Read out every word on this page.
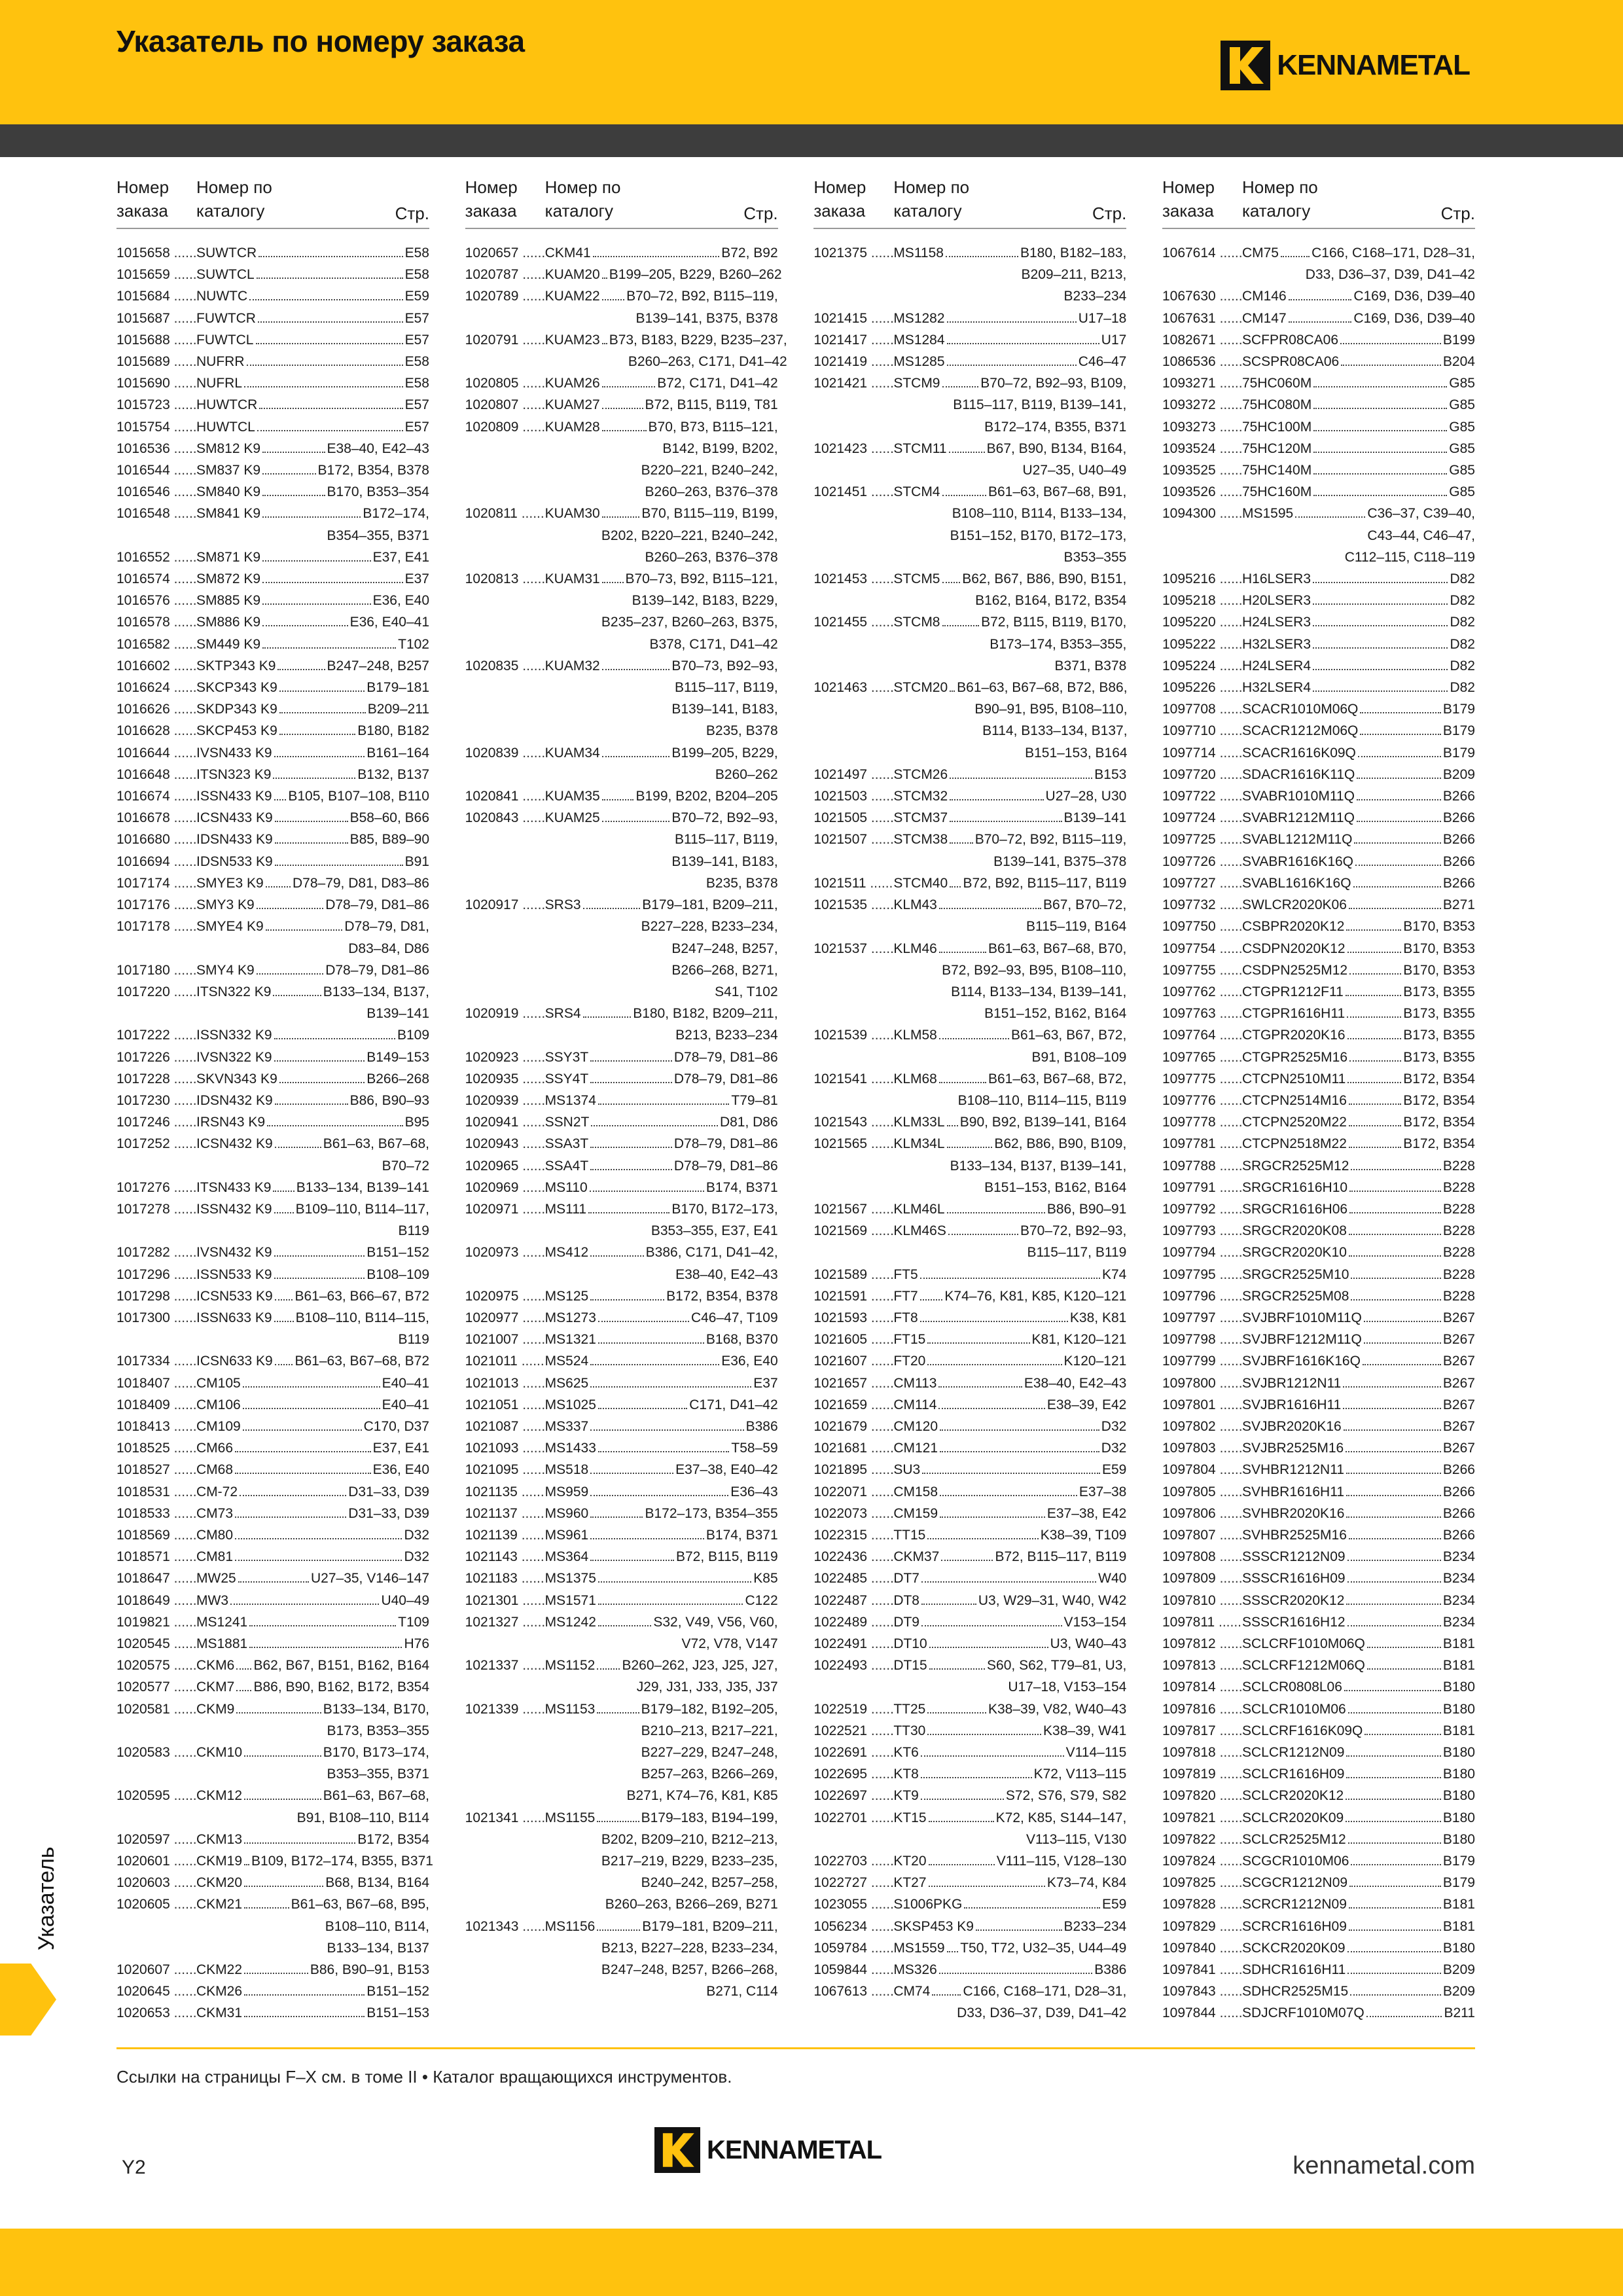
Указатель по номеру заказа
KENNAMETAL
Номер
заказа
Номер по
каталогу	Стр.
1015658 .....	SUWTCR	E58
1015659 .....	SUWTCL	E58
1015684 .....	NUWTC	E59
1015687 .....	FUWTCR	E57
1015688 .....	FUWTCL	E57
1015689 .....	NUFRR	E58
1015690 .....	NUFRL	E58
1015723 .....	HUWTCR	E57
1015754 .....	HUWTCL	E57
1016536 .....	SM812 K9	E38–40, E42–43
1016544 .....	SM837 K9	B172, B354, B378
1016546 .....	SM840 K9	B170, B353–354
1016548 .....	SM841 K9	B172–174,
B354–355, B371
1016552 .....	SM871 K9	E37, E41
1016574 .....	SM872 K9	E37
1016576 .....	SM885 K9	E36, E40
1016578 .....	SM886 K9	E36, E40–41
1016582 .....	SM449 K9	T102
1016602 .....	SKTP343 K9	B247–248, B257
1016624 .....	SKCP343 K9	B179–181
1016626 .....	SKDP343 K9	B209–211
1016628 .....	SKCP453 K9	B180, B182
1016644 .....	IVSN433 K9	B161–164
1016648 .....	ITSN323 K9	B132, B137
1016674 .....	ISSN433 K9 B105, B107–108, B110
1016678 .....	ICSN433 K9	B58–60, B66
1016680 .....	IDSN433 K9	B85, B89–90
1016694 .....	IDSN533 K9	B91
1017174 .....	SMYE3 K9 D78–79, D81, D83–86
1017176 .....	SMY3 K9	D78–79, D81–86
1017178 .....	SMYE4 K9	D78–79, D81,
D83–84, D86
1017180 .....	SMY4 K9	D78–79, D81–86
1017220 .....	ITSN322 K9	B133–134, B137,
B139–141
1017222 .....	ISSN332 K9	B109
1017226 .....	IVSN322 K9	B149–153
1017228 .....	SKVN343 K9	B266–268
1017230 .....	IDSN432 K9	B86, B90–93
1017246 .....	IRSN43 K9	B95
1017252 .....	ICSN432 K9	B61–63, B67–68,
B70–72
1017276 .....	ITSN433 K9 B133–134, B139–141
1017278 .....	ISSN432 K9 B109–110, B114–117,
B119
1017282 .....	IVSN432 K9	B151–152
1017296 .....	ISSN533 K9	B108–109
1017298 .....	ICSN533 K9 B61–63, B66–67, B72
1017300 .....	ISSN633 K9 B108–110, B114–115,
B119
1017334 .....	ICSN633 K9 B61–63, B67–68, B72
1018407 .....	CM105	E40–41
1018409 .....	CM106	E40–41
1018413 .....	CM109	C170, D37
1018525 .....	CM66	E37, E41
1018527 .....	CM68	E36, E40
1018531 .....	CM-72	D31–33, D39
1018533 .....	CM73	D31–33, D39
1018569 .....	CM80	D32
1018571 .....	CM81	D32
1018647 .....	MW25	U27–35, V146–147
1018649 .....	MW3	U40–49
1019821 .....	MS1241	T109
1020545 .....	MS1881	H76
1020575 .....	CKM6 B62, B67, B151, B162, B164
1020577 .....	CKM7 B86, B90, B162, B172, B354
1020581 .....	CKM9	B133–134, B170,
B173, B353–355
1020583 .....	CKM10	B170, B173–174,
B353–355, B371
1020595 .....	CKM12	B61–63, B67–68,
B91, B108–110, B114
1020597 .....	CKM13	B172, B354
1020601 .....	CKM19 B109, B172–174, B355, B371
1020603 .....	CKM20	B68, B134, B164
1020605 .....	CKM21	B61–63, B67–68, B95,
B108–110, B114,
B133–134, B137
1020607 .....	CKM22	B86, B90–91, B153
1020645 .....	CKM26	B151–152
1020653 .....	CKM31	B151–153
Номер
заказа
Номер по
каталогу	Стр.
1020657 .....	CKM41	B72, B92
1020787 .....	KUAM20 B199–205, B229, B260–262
1020789 .....	KUAM22 B70–72, B92, B115–119,
B139–141, B375, B378
1020791 .....	KUAM23 B73, B183, B229, B235–237,
B260–263, C171, D41–42
1020805 .....	KUAM26	B72, C171, D41–42
1020807 .....	KUAM27	B72, B115, B119, T81
1020809 .....	KUAM28	B70, B73, B115–121,
B142, B199, B202,
B220–221, B240–242,
B260–263, B376–378
1020811 .....	KUAM30	B70, B115–119, B199,
B202, B220–221, B240–242,
B260–263, B376–378
1020813 .....	KUAM31 B70–73, B92, B115–121,
B139–142, B183, B229,
B235–237, B260–263, B375,
B378, C171, D41–42
1020835 .....	KUAM32	B70–73, B92–93,
B115–117, B119,
B139–141, B183,
B235, B378
1020839 .....	KUAM34	B199–205, B229,
B260–262
1020841 .....	KUAM35	B199, B202, B204–205
1020843 .....	KUAM25	B70–72, B92–93,
B115–117, B119,
B139–141, B183,
B235, B378
1020917 .....	SRS3	B179–181, B209–211,
B227–228, B233–234,
B247–248, B257,
B266–268, B271,
S41, T102
1020919 .....	SRS4	B180, B182, B209–211,
B213, B233–234
1020923 .....	SSY3T	D78–79, D81–86
1020935 .....	SSY4T	D78–79, D81–86
1020939 .....	MS1374	T79–81
1020941 .....	SSN2T	D81, D86
1020943 .....	SSA3T	D78–79, D81–86
1020965 .....	SSA4T	D78–79, D81–86
1020969 .....	MS110	B174, B371
1020971 .....	MS111	B170, B172–173,
B353–355, E37, E41
1020973 .....	MS412	B386, C171, D41–42,
E38–40, E42–43
1020975 .....	MS125	B172, B354, B378
1020977 .....	MS1273	C46–47, T109
1021007 .....	MS1321	B168, B370
1021011 .....	MS524	E36, E40
1021013 .....	MS625	E37
1021051 .....	MS1025	C171, D41–42
1021087 .....	MS337	B386
1021093 .....	MS1433	T58–59
1021095 .....	MS518	E37–38, E40–42
1021135 .....	MS959	E36–43
1021137 .....	MS960	B172–173, B354–355
1021139 .....	MS961	B174, B371
1021143 .....	MS364	B72, B115, B119
1021183 .....	MS1375	K85
1021301 .....	MS1571	C122
1021327 .....	MS1242	S32, V49, V56, V60,
V72, V78, V147
1021337 .....	MS1152 B260–262, J23, J25, J27,
J29, J31, J33, J35, J37
1021339 .....	MS1153	B179–182, B192–205,
B210–213, B217–221,
B227–229, B247–248,
B257–263, B266–269,
B271, K74–76, K81, K85
1021341 .....	MS1155	B179–183, B194–199,
B202, B209–210, B212–213,
B217–219, B229, B233–235,
B240–242, B257–258,
B260–263, B266–269, B271
1021343 .....	MS1156	B179–181, B209–211,
B213, B227–228, B233–234,
B247–248, B257, B266–268,
B271, C114
Номер
заказа
Номер по
каталогу	Стр.
1021375 .....	MS1158	B180, B182–183,
B209–211, B213,
B233–234
1021415 .....	MS1282	U17–18
1021417 .....	MS1284	U17
1021419 .....	MS1285	C46–47
1021421 .....	STCM9	B70–72, B92–93, B109,
B115–117, B119, B139–141,
B172–174, B355, B371
1021423 .....	STCM11	B67, B90, B134, B164,
U27–35, U40–49
1021451 .....	STCM4	B61–63, B67–68, B91,
B108–110, B114, B133–134,
B151–152, B170, B172–173,
B353–355
1021453 .....	STCM5 B62, B67, B86, B90, B151,
B162, B164, B172, B354
1021455 .....	STCM8	B72, B115, B119, B170,
B173–174, B353–355,
B371, B378
1021463 .....	STCM20 B61–63, B67–68, B72, B86,
B90–91, B95, B108–110,
B114, B133–134, B137,
B151–153, B164
1021497 .....	STCM26	B153
1021503 .....	STCM32	U27–28, U30
1021505 .....	STCM37	B139–141
1021507 .....	STCM38 B70–72, B92, B115–119,
B139–141, B375–378
1021511 .....	STCM40 B72, B92, B115–117, B119
1021535 .....	KLM43	B67, B70–72,
B115–119, B164
1021537 .....	KLM46	B61–63, B67–68, B70,
B72, B92–93, B95, B108–110,
B114, B133–134, B139–141,
B151–152, B162, B164
1021539 .....	KLM58	B61–63, B67, B72,
B91, B108–109
1021541 .....	KLM68	B61–63, B67–68, B72,
B108–110, B114–115, B119
1021543 .....	KLM33L B90, B92, B139–141, B164
1021565 .....	KLM34L	B62, B86, B90, B109,
B133–134, B137, B139–141,
B151–153, B162, B164
1021567 .....	KLM46L	B86, B90–91
1021569 .....	KLM46S	B70–72, B92–93,
B115–117, B119
1021589 .....	FT5	K74
1021591 .....	FT7 K74–76, K81, K85, K120–121
1021593 .....	FT8	K38, K81
1021605 .....	FT15	K81, K120–121
1021607 .....	FT20	K120–121
1021657 .....	CM113	E38–40, E42–43
1021659 .....	CM114	E38–39, E42
1021679 .....	CM120	D32
1021681 .....	CM121	D32
1021895 .....	SU3	E59
1022071 .....	CM158	E37–38
1022073 .....	CM159	E37–38, E42
1022315 .....	TT15	K38–39, T109
1022436 .....	CKM37	B72, B115–117, B119
1022485 .....	DT7	W40
1022487 .....	DT8	U3, W29–31, W40, W42
1022489 .....	DT9	V153–154
1022491 .....	DT10	U3, W40–43
1022493 .....	DT15	S60, S62, T79–81, U3,
U17–18, V153–154
1022519 .....	TT25	K38–39, V82, W40–43
1022521 .....	TT30	K38–39, W41
1022691 .....	KT6	V114–115
1022695 .....	KT8	K72, V113–115
1022697 .....	KT9	S72, S76, S79, S82
1022701 .....	KT15	K72, K85, S144–147,
V113–115, V130
1022703 .....	KT20	V111–115, V128–130
1022727 .....	KT27	K73–74, K84
1023055 .....	S1006PKG	E59
1056234 .....	SKSP453 K9	B233–234
1059784 .....	MS1559 T50, T72, U32–35, U44–49
1059844 .....	MS326	B386
1067613 .....	CM74 C166, C168–171, D28–31,
D33, D36–37, D39, D41–42
Номер
заказа
Номер по
каталогу	Стр.
1067614 .....	CM75 C166, C168–171, D28–31,
D33, D36–37, D39, D41–42
1067630 .....	CM146	C169, D36, D39–40
1067631 .....	CM147	C169, D36, D39–40
1082671 .....	SCFPR08CA06	B199
1086536 .....	SCSPR08CA06	B204
1093271 .....	75HC060M	G85
1093272 .....	75HC080M	G85
1093273 .....	75HC100M	G85
1093524 .....	75HC120M	G85
1093525 .....	75HC140M	G85
1093526 .....	75HC160M	G85
1094300 .....	MS1595	C36–37, C39–40,
C43–44, C46–47,
C112–115, C118–119
1095216 .....	H16LSER3	D82
1095218 .....	H20LSER3	D82
1095220 .....	H24LSER3	D82
1095222 .....	H32LSER3	D82
1095224 .....	H24LSER4	D82
1095226 .....	H32LSER4	D82
1097708 .....	SCACR1010M06Q	B179
1097710 .....	SCACR1212M06Q	B179
1097714 .....	SCACR1616K09Q	B179
1097720 .....	SDACR1616K11Q	B209
1097722 .....	SVABR1010M11Q	B266
1097724 .....	SVABR1212M11Q	B266
1097725 .....	SVABL1212M11Q	B266
1097726 .....	SVABR1616K16Q	B266
1097727 .....	SVABL1616K16Q	B266
1097732 .....	SWLCR2020K06	B271
1097750 .....	CSBPR2020K12	B170, B353
1097754 .....	CSDPN2020K12	B170, B353
1097755 .....	CSDPN2525M12	B170, B353
1097762 .....	CTGPR1212F11	B173, B355
1097763 .....	CTGPR1616H11	B173, B355
1097764 .....	CTGPR2020K16	B173, B355
1097765 .....	CTGPR2525M16	B173, B355
1097775 .....	CTCPN2510M11	B172, B354
1097776 .....	CTCPN2514M16	B172, B354
1097778 .....	CTCPN2520M22	B172, B354
1097781 .....	CTCPN2518M22	B172, B354
1097788 .....	SRGCR2525M12	B228
1097791 .....	SRGCR1616H10	B228
1097792 .....	SRGCR1616H06	B228
1097793 .....	SRGCR2020K08	B228
1097794 .....	SRGCR2020K10	B228
1097795 .....	SRGCR2525M10	B228
1097796 .....	SRGCR2525M08	B228
1097797 .....	SVJBRF1010M11Q	B267
1097798 .....	SVJBRF1212M11Q	B267
1097799 .....	SVJBRF1616K16Q	B267
1097800 .....	SVJBR1212N11	B267
1097801 .....	SVJBR1616H11	B267
1097802 .....	SVJBR2020K16	B267
1097803 .....	SVJBR2525M16	B267
1097804 .....	SVHBR1212N11	B266
1097805 .....	SVHBR1616H11	B266
1097806 .....	SVHBR2020K16	B266
1097807 .....	SVHBR2525M16	B266
1097808 .....	SSSCR1212N09	B234
1097809 .....	SSSCR1616H09	B234
1097810 .....	SSSCR2020K12	B234
1097811 .....	SSSCR1616H12	B234
1097812 .....	SCLCRF1010M06Q	B181
1097813 .....	SCLCRF1212M06Q	B181
1097814 .....	SCLCR0808L06	B180
1097816 .....	SCLCR1010M06	B180
1097817 .....	SCLCRF1616K09Q	B181
1097818 .....	SCLCR1212N09	B180
1097819 .....	SCLCR1616H09	B180
1097820 .....	SCLCR2020K12	B180
1097821 .....	SCLCR2020K09	B180
1097822 .....	SCLCR2525M12	B180
1097824 .....	SCGCR1010M06	B179
1097825 .....	SCGCR1212N09	B179
1097828 .....	SCRCR1212N09	B181
1097829 .....	SCRCR1616H09	B181
1097840 .....	SCKCR2020K09	B180
1097841 .....	SDHCR1616H11	B209
1097843 .....	SDHCR2525M15	B209
1097844 .....	SDJCRF1010M07Q	B211
Ссылки на страницы F–X см. в томе II • Каталог вращающихся инструментов.
Y2
KENNAMETAL
kennametal.com
Указатель
